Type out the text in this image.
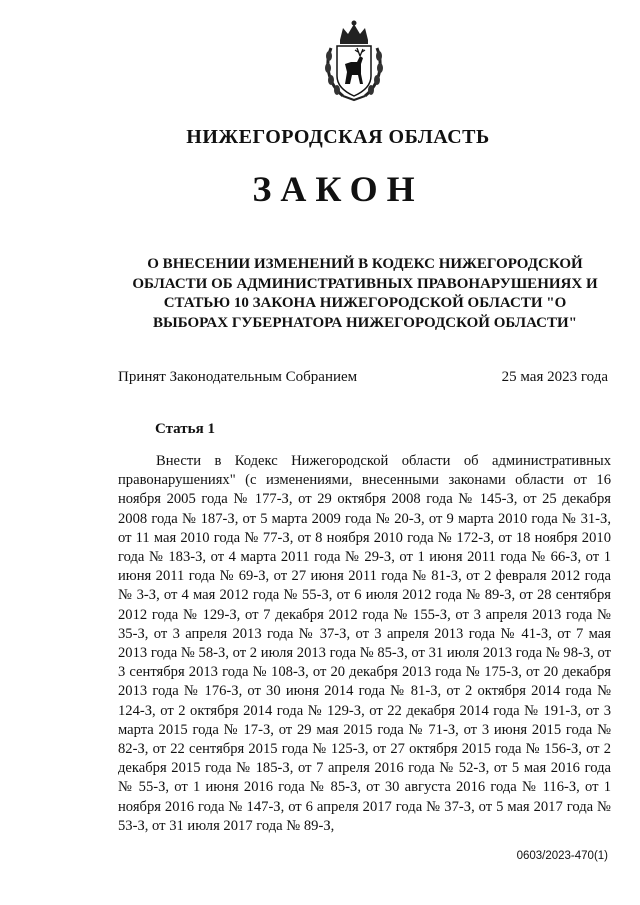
НИЖЕГОРОДСКАЯ ОБЛАСТЬ
ЗАКОН
О ВНЕСЕНИИ ИЗМЕНЕНИЙ В КОДЕКС НИЖЕГОРОДСКОЙ
ОБЛАСТИ ОБ АДМИНИСТРАТИВНЫХ ПРАВОНАРУШЕНИЯХ И
СТАТЬЮ 10 ЗАКОНА НИЖЕГОРОДСКОЙ ОБЛАСТИ "О
ВЫБОРАХ ГУБЕРНАТОРА НИЖЕГОРОДСКОЙ ОБЛАСТИ"
Принят Законодательным Собранием	25 мая 2023 года
Статья 1

Внести в Кодекс Нижегородской области об административных правонарушениях" (с изменениями, внесенными законами области от 16 ноября 2005 года № 177-З, от 29 октября 2008 года № 145-З, от 25 декабря 2008 года № 187-З, от 5 марта 2009 года № 20-З, от 9 марта 2010 года № 31-З, от 11 мая 2010 года № 77-З, от 8 ноября 2010 года № 172-З, от 18 ноября 2010 года № 183-З, от 4 марта 2011 года № 29-З, от 1 июня 2011 года № 66-З, от 1 июня 2011 года № 69-З, от 27 июня 2011 года № 81-З, от 2 февраля 2012 года № 3-З, от 4 мая 2012 года № 55-З, от 6 июля 2012 года № 89-З, от 28 сентября 2012 года № 129-З, от 7 декабря 2012 года № 155-З, от 3 апреля 2013 года № 35-З, от 3 апреля 2013 года № 37-З, от 3 апреля 2013 года № 41-З, от 7 мая 2013 года № 58-З, от 2 июля 2013 года № 85-З, от 31 июля 2013 года № 98-З, от 3 сентября 2013 года № 108-З, от 20 декабря 2013 года № 175-З, от 20 декабря 2013 года № 176-З, от 30 июня 2014 года № 81-З, от 2 октября 2014 года № 124-З, от 2 октября 2014 года № 129-З, от 22 декабря 2014 года № 191-З, от 3 марта 2015 года № 17-З, от 29 мая 2015 года № 71-З, от 3 июня 2015 года № 82-З, от 22 сентября 2015 года № 125-З, от 27 октября 2015 года № 156-З, от 2 декабря 2015 года № 185-З, от 7 апреля 2016 года № 52-З, от 5 мая 2016 года № 55-З, от 1 июня 2016 года № 85-З, от 30 августа 2016 года № 116-З, от 1 ноября 2016 года № 147-З, от 6 апреля 2017 года № 37-З, от 5 мая 2017 года № 53-З, от 31 июля 2017 года № 89-З,

0603/2023-470(1)
